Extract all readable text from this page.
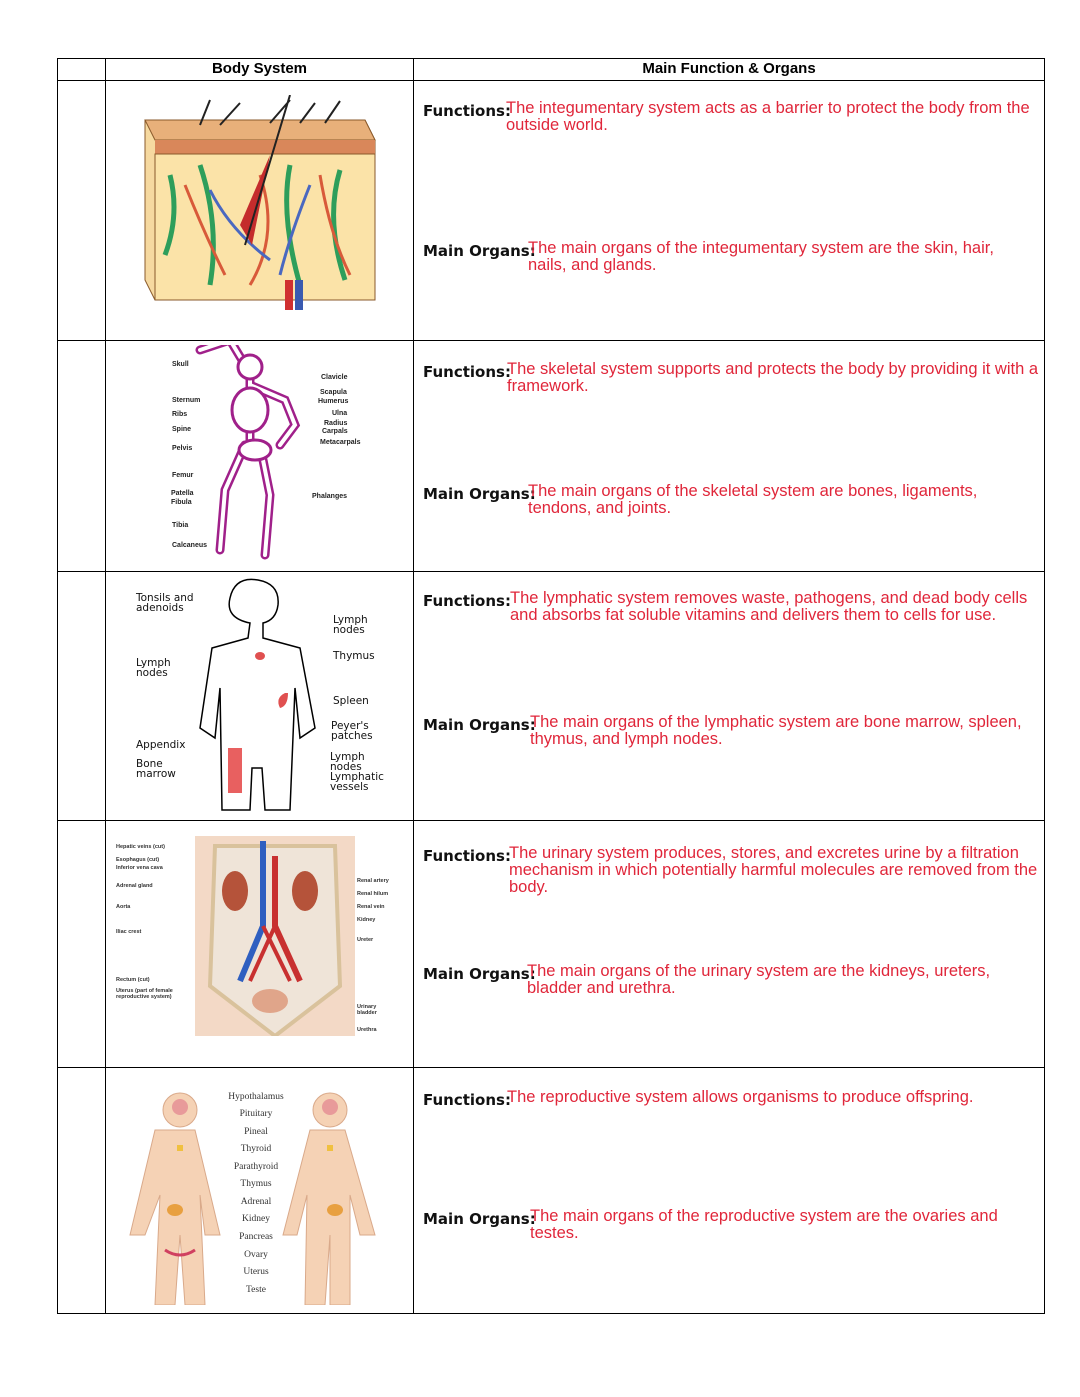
Body System	Main Function & Organs
Functions:
The integumentary system acts as a barrier to protect the body from the outside world.
Main Organs:
The main organs of the integumentary system are the skin, hair, nails, and glands.
Functions:
The skeletal system supports and protects the body by providing it with a framework.
Main Organs:
The main organs of the skeletal system are bones, ligaments, tendons, and joints.
Functions: The lymphatic system removes waste, pathogens, and dead body cells and absorbs fat soluble vitamins and delivers them to cells for use.
Main Organs:
The main organs of the lymphatic system are bone marrow, spleen, thymus, and lymph nodes.
Functions:
The urinary system produces, stores, and excretes urine by a filtration mechanism in which potentially harmful molecules are removed from the body.
Main Organs:
The main organs of the urinary system are the kidneys, ureters, bladder and urethra.
Functions:
The reproductive system allows organisms to produce offspring.
Main Organs:
The main organs of the reproductive system are the ovaries and testes.
Skull
Sternum
Ribs
Spine
Pelvis
Femur
Patella
Fibula
Tibia
Calcaneus
Clavicle
Scapula
Humerus
Ulna
Radius
Carpals
Metacarpals
Phalanges
Tonsils and adenoids
Lymph nodes
Thymus
Lymph nodes
Spleen
Peyer's patches
Appendix
Bone marrow
Lymph nodes
Lymphatic vessels
Hepatic veins (cut)
Esophagus (cut)
Inferior vena cava
Adrenal gland
Aorta
Iliac crest
Rectum (cut)
Uterus (part of female reproductive system)
Renal artery
Renal hilum
Renal vein
Kidney
Ureter
Urinary bladder
Urethra
Hypothalamus
Pituitary
Pineal
Thyroid
Parathyroid
Thymus
Adrenal
Kidney
Pancreas
Ovary
Uterus
Teste
